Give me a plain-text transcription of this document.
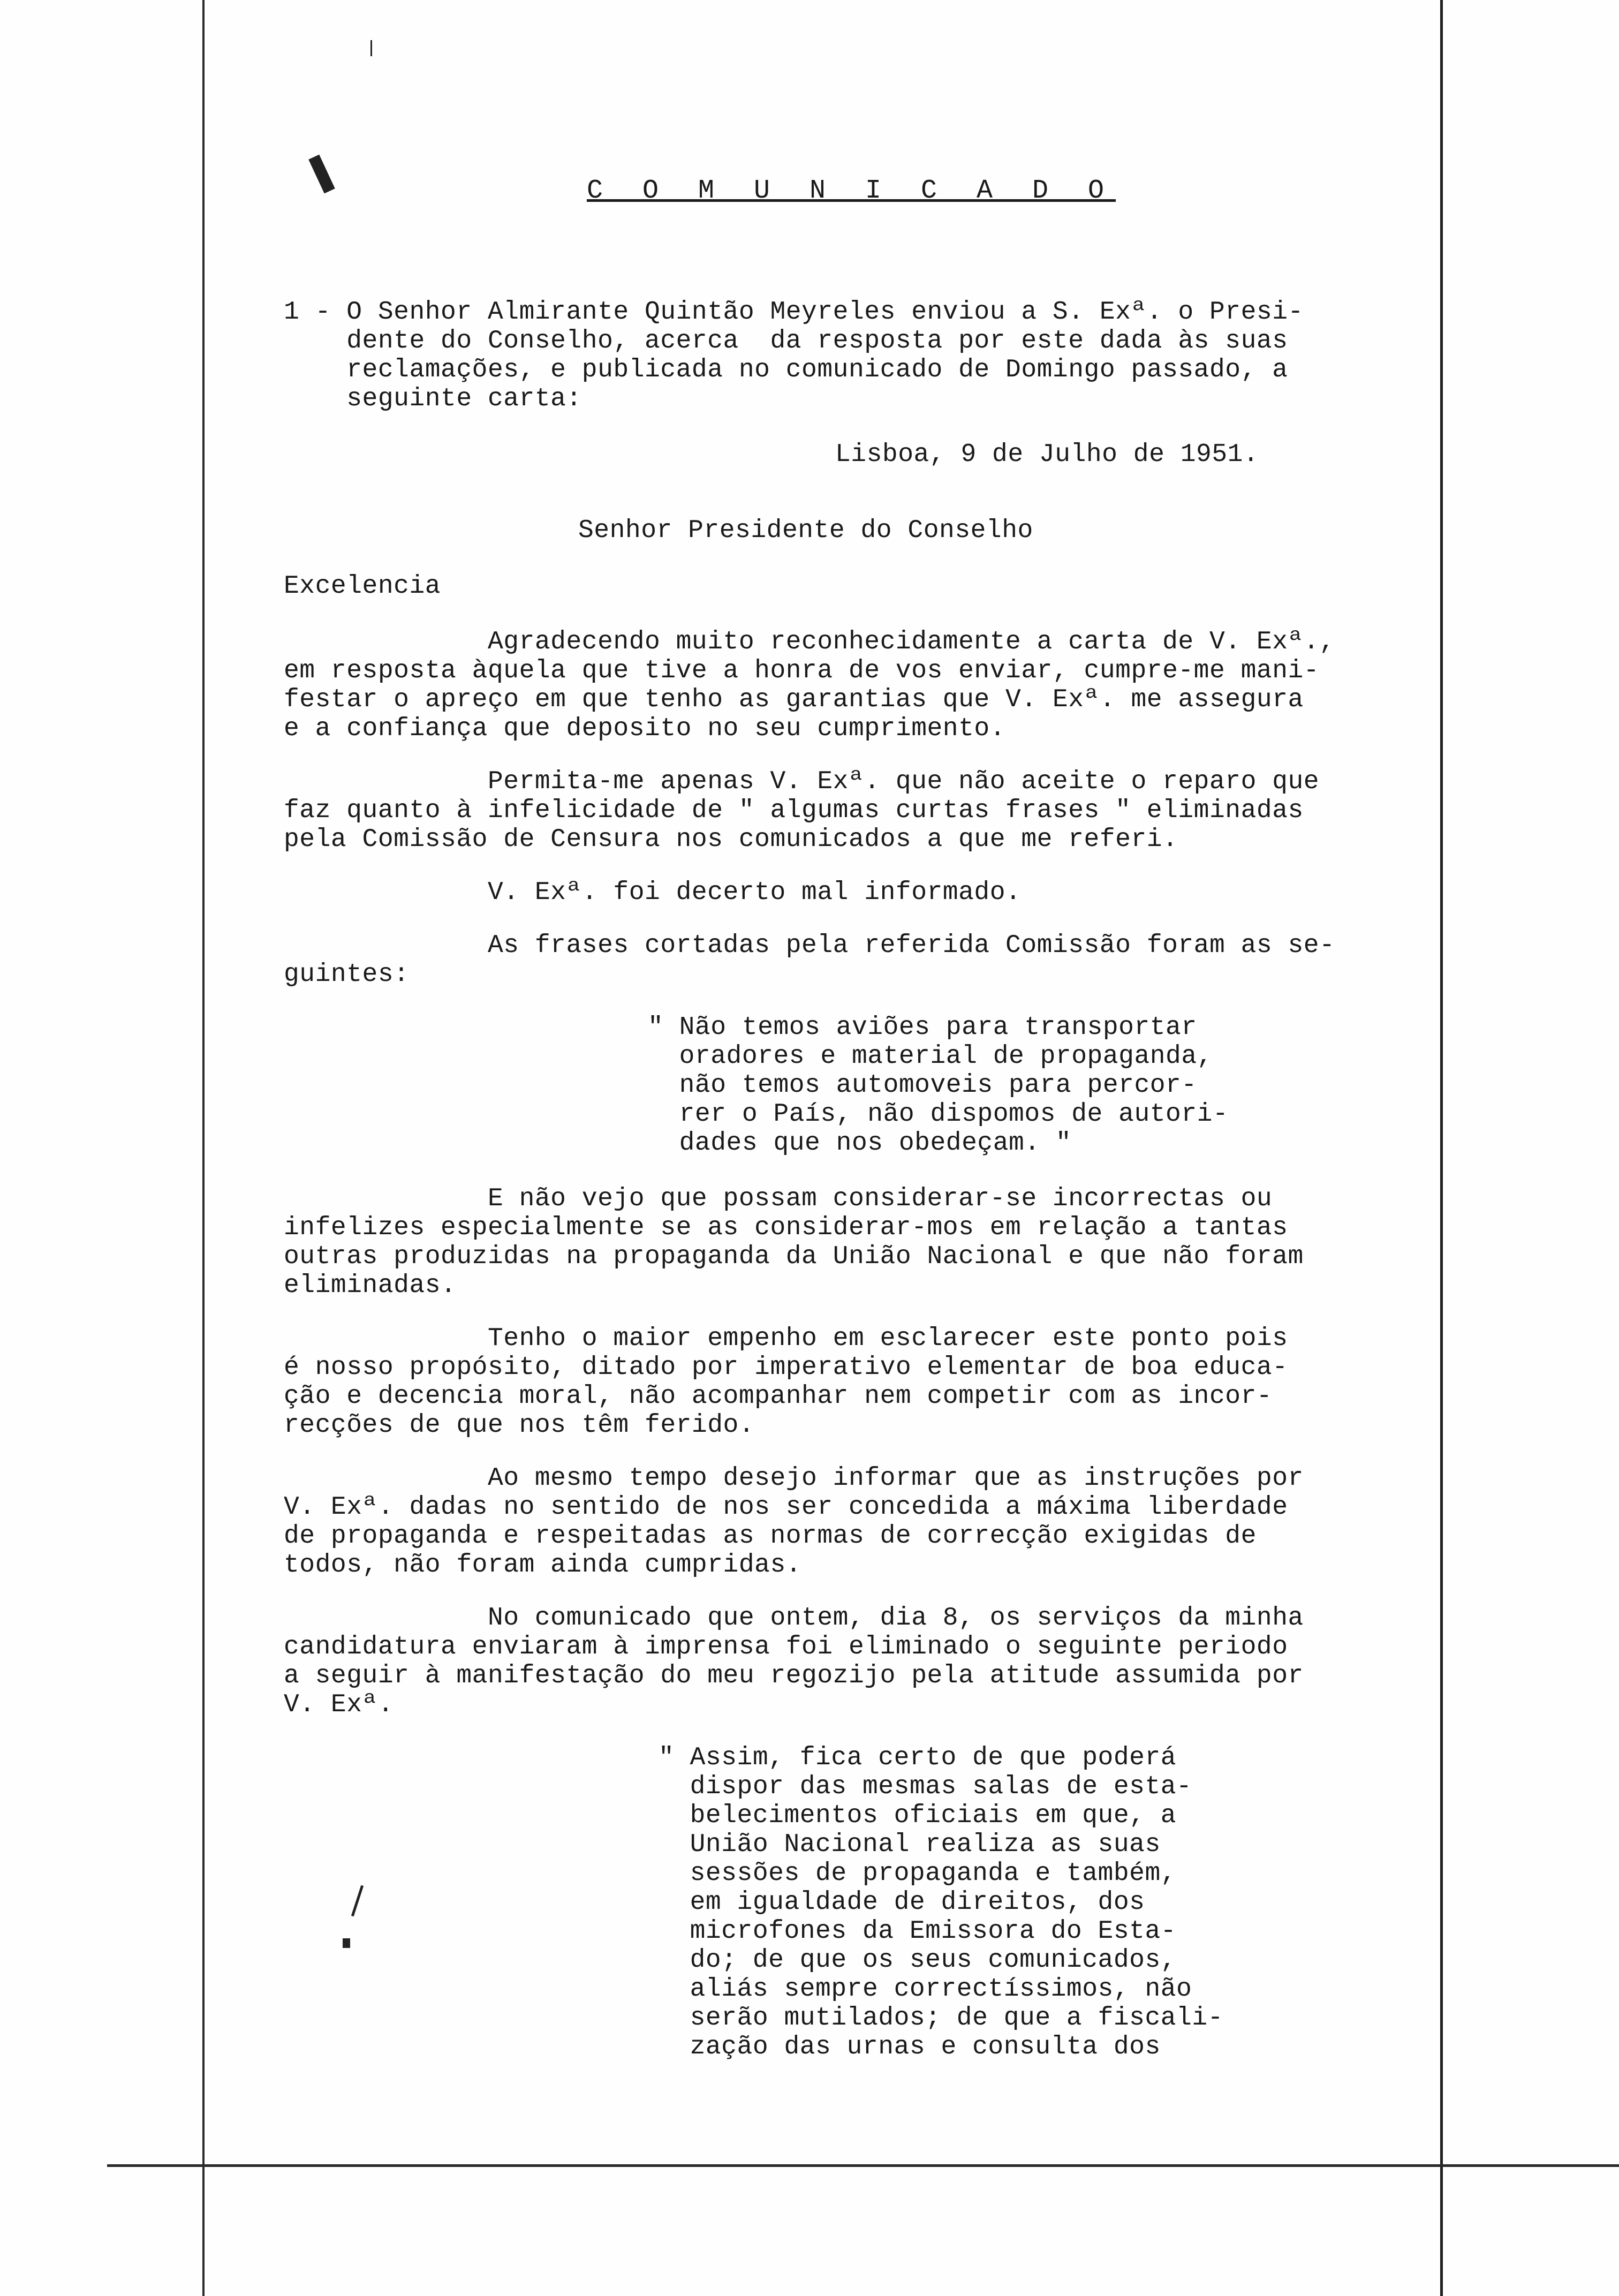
C O M U N I C A D O

1 - O Senhor Almirante Quintão Meyreles enviou a S. Exª. o Presi-
dente do Conselho, acerca  da resposta por este dada às suas
reclamações, e publicada no comunicado de Domingo passado, a
seguinte carta:

Lisboa, 9 de Julho de 1951.

Senhor Presidente do Conselho

Excelencia

Agradecendo muito reconhecidamente a carta de V. Exª.,
em resposta àquela que tive a honra de vos enviar, cumpre-me mani-
festar o apreço em que tenho as garantias que V. Exª. me assegura
e a confiança que deposito no seu cumprimento.

Permita-me apenas V. Exª. que não aceite o reparo que
faz quanto à infelicidade de " algumas curtas frases " eliminadas
pela Comissão de Censura nos comunicados a que me referi.

V. Exª. foi decerto mal informado.

As frases cortadas pela referida Comissão foram as se-
guintes:

" Não temos aviões para transportar
oradores e material de propaganda,
não temos automoveis para percor-
rer o País, não dispomos de autori-
dades que nos obedeçam. "

E não vejo que possam considerar-se incorrectas ou
infelizes especialmente se as considerar-mos em relação a tantas
outras produzidas na propaganda da União Nacional e que não foram
eliminadas.

Tenho o maior empenho em esclarecer este ponto pois
é nosso propósito, ditado por imperativo elementar de boa educa-
ção e decencia moral, não acompanhar nem competir com as incor-
recções de que nos têm ferido.

Ao mesmo tempo desejo informar que as instruções por
V. Exª. dadas no sentido de nos ser concedida a máxima liberdade
de propaganda e respeitadas as normas de correcção exigidas de
todos, não foram ainda cumpridas.

No comunicado que ontem, dia 8, os serviços da minha
candidatura enviaram à imprensa foi eliminado o seguinte periodo
a seguir à manifestação do meu regozijo pela atitude assumida por
V. Exª.

" Assim, fica certo de que poderá
dispor das mesmas salas de esta-
belecimentos oficiais em que, a
União Nacional realiza as suas
sessões de propaganda e também,
em igualdade de direitos, dos
microfones da Emissora do Esta-
do; de que os seus comunicados,
aliás sempre correctíssimos, não
serão mutilados; de que a fiscali-
zação das urnas e consulta dos
